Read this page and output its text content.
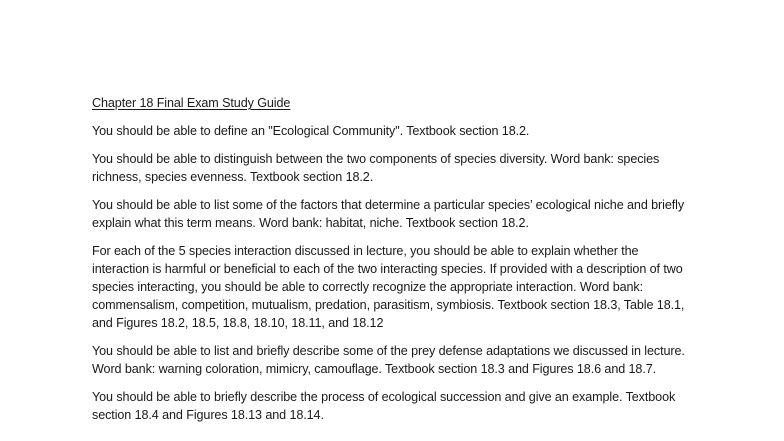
Chapter 18 Final Exam Study Guide

You should be able to define an "Ecological Community". Textbook section 18.2.

You should be able to distinguish between the two components of species diversity. Word bank: species richness, species evenness. Textbook section 18.2.

You should be able to list some of the factors that determine a particular species’ ecological niche and briefly explain what this term means. Word bank: habitat, niche. Textbook section 18.2.

For each of the 5 species interaction discussed in lecture, you should be able to explain whether the interaction is harmful or beneficial to each of the two interacting species. If provided with a description of two species interacting, you should be able to correctly recognize the appropriate interaction. Word bank: commensalism, competition, mutualism, predation, parasitism, symbiosis. Textbook section 18.3, Table 18.1, and Figures 18.2, 18.5, 18.8, 18.10, 18.11, and 18.12

You should be able to list and briefly describe some of the prey defense adaptations we discussed in lecture. Word bank: warning coloration, mimicry, camouflage. Textbook section 18.3 and Figures 18.6 and 18.7.

You should be able to briefly describe the process of ecological succession and give an example. Textbook section 18.4 and Figures 18.13 and 18.14.
